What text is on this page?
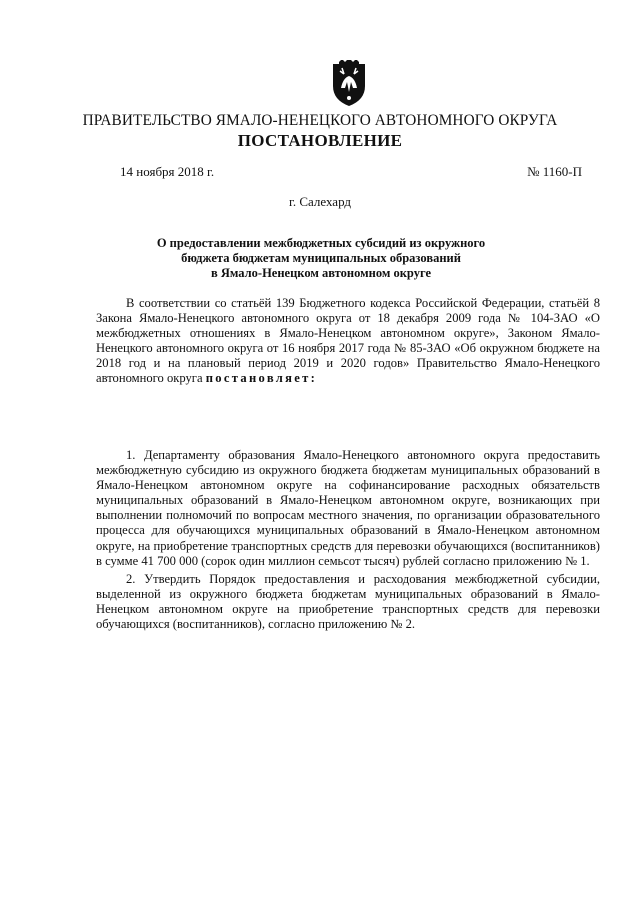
ПРАВИТЕЛЬСТВО ЯМАЛО-НЕНЕЦКОГО АВТОНОМНОГО ОКРУГА
ПОСТАНОВЛЕНИЕ
14 ноября 2018 г.	№ 1160-П
г. Салехард
О предоставлении межбюджетных субсидий из окружного
бюджета бюджетам муниципальных образований
в Ямало-Ненецком автономном округе
В соответствии со статьёй 139 Бюджетного кодекса Российской Федерации, статьёй 8 Закона Ямало-Ненецкого автономного округа от 18 декабря 2009 года № 104-ЗАО «О межбюджетных отношениях в Ямало-Ненецком автономном округе», Законом Ямало-Ненецкого автономного округа от 16 ноября 2017 года № 85-ЗАО «Об окружном бюджете на 2018 год и на плановый период 2019 и 2020 годов» Правительство Ямало-Ненецкого автономного округа постановляет:
1. Департаменту образования Ямало-Ненецкого автономного округа предоставить межбюджетную субсидию из окружного бюджета бюджетам муниципальных образований в Ямало-Ненецком автономном округе на софинансирование расходных обязательств муниципальных образований в Ямало-Ненецком автономном округе, возникающих при выполнении полномочий по вопросам местного значения, по организации образовательного процесса для обучающихся муниципальных образований в Ямало-Ненецком автономном округе, на приобретение транспортных средств для перевозки обучающихся (воспитанников) в сумме 41 700 000 (сорок один миллион семьсот тысяч) рублей согласно приложению № 1.
2. Утвердить Порядок предоставления и расходования межбюджетной субсидии, выделенной из окружного бюджета бюджетам муниципальных образований в Ямало-Ненецком автономном округе на приобретение транспортных средств для перевозки обучающихся (воспитанников), согласно приложению № 2.
